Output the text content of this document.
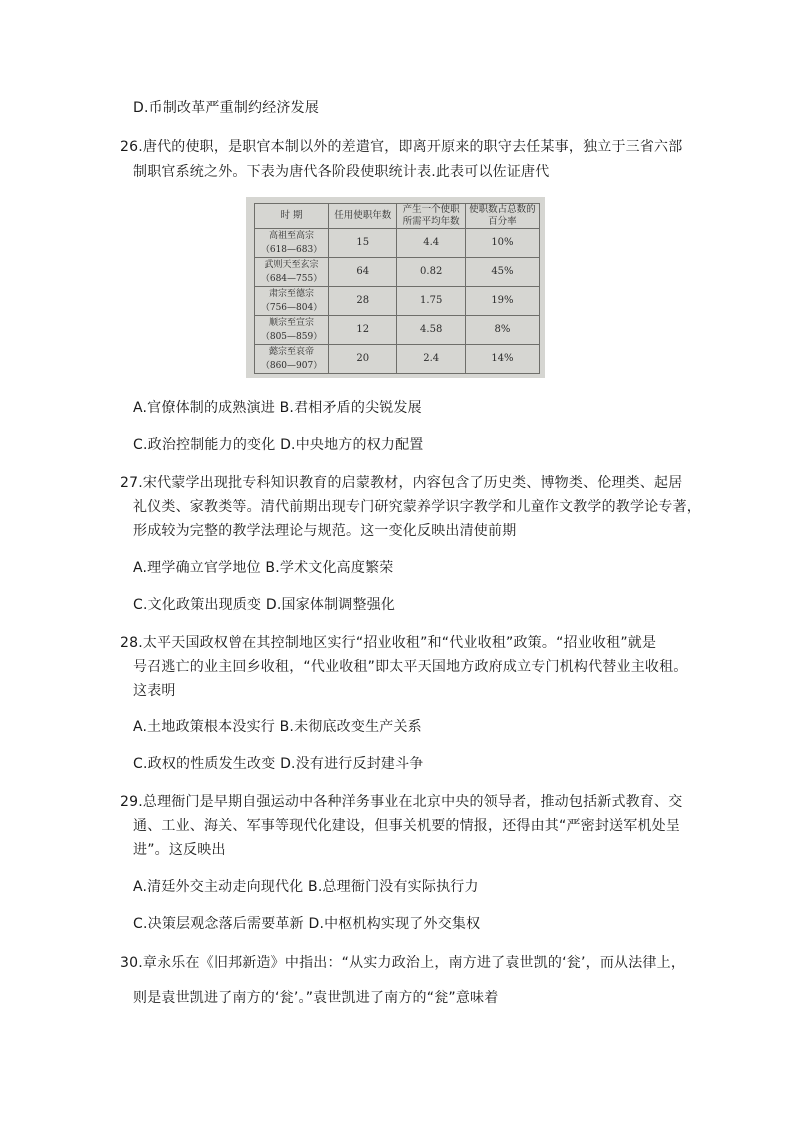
D.币制改革严重制约经济发展
26.唐代的使职，是职官本制以外的差遣官，即离开原来的职守去任某事，独立于三省六部
制职官系统之外。下表为唐代各阶段使职统计表.此表可以佐证唐代
时 期	任用使职年数	产生一个使职所需平均年数	使职数占总数的百分率
高祖至高宗
（618—683）	15	4.4	10%
武则天至玄宗
（684—755）	64	0.82	45%
肃宗至德宗
（756—804）	28	1.75	19%
顺宗至宣宗
（805—859）	12	4.58	8%
懿宗至哀帝
（860—907）	20	2.4	14%
A.官僚体制的成熟演进 B.君相矛盾的尖锐发展
C.政治控制能力的变化 D.中央地方的权力配置
27.宋代蒙学出现批专科知识教育的启蒙教材，内容包含了历史类、博物类、伦理类、起居
礼仪类、家教类等。清代前期出现专门研究蒙养学识字教学和儿童作文教学的教学论专著，
形成较为完整的教学法理论与规范。这一变化反映出清使前期
A.理学确立官学地位 B.学术文化高度繁荣
C.文化政策出现质变 D.国家体制调整强化
28.太平天国政权曾在其控制地区实行“招业收租”和“代业收租”政策。“招业收租”就是
号召逃亡的业主回乡收租，“代业收租”即太平天国地方政府成立专门机构代替业主收租。
这表明
A.土地政策根本没实行 B.未彻底改变生产关系
C.政权的性质发生改变 D.没有进行反封建斗争
29.总理衙门是早期自强运动中各种洋务事业在北京中央的领导者，推动包括新式教育、交
通、工业、海关、军事等现代化建设，但事关机要的情报，还得由其“严密封送军机处呈
进”。这反映出
A.清廷外交主动走向现代化 B.总理衙门没有实际执行力
C.决策层观念落后需要革新 D.中枢机构实现了外交集权
30.章永乐在《旧邦新造》中指出：“从实力政治上，南方进了袁世凯的‘瓮’，而从法律上，
则是袁世凯进了南方的‘瓮’。”袁世凯进了南方的“瓮”意味着
